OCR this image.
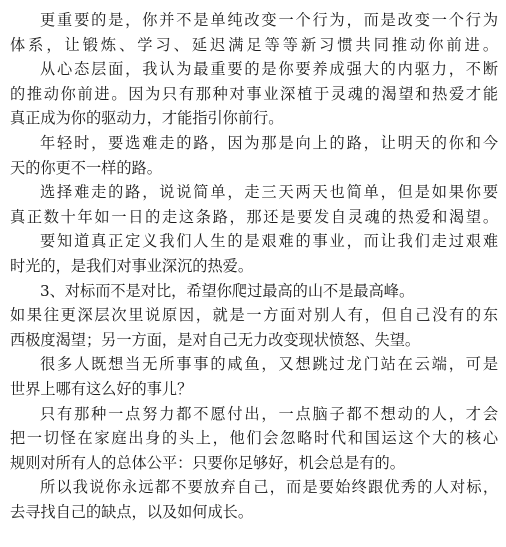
更重要的是，你并不是单纯改变一个行为，而是改变一个行为
体系，让锻炼、学习、延迟满足等等新习惯共同推动你前进。
从心态层面，我认为最重要的是你要养成强大的内驱力，不断
的推动你前进。因为只有那种对事业深植于灵魂的渴望和热爱才能
真正成为你的驱动力，才能指引你前行。
年轻时，要选难走的路，因为那是向上的路，让明天的你和今
天的你更不一样的路。
选择难走的路，说说简单，走三天两天也简单，但是如果你要
真正数十年如一日的走这条路，那还是要发自灵魂的热爱和渴望。
要知道真正定义我们人生的是艰难的事业，而让我们走过艰难
时光的，是我们对事业深沉的热爱。
3、对标而不是对比，希望你爬过最高的山不是最高峰。
如果往更深层次里说原因，就是一方面对别人有，但自己没有的东
西极度渴望；另一方面，是对自己无力改变现状愤怒、失望。
很多人既想当无所事事的咸鱼，又想跳过龙门站在云端，可是
世界上哪有这么好的事儿？
只有那种一点努力都不愿付出，一点脑子都不想动的人，才会
把一切怪在家庭出身的头上，他们会忽略时代和国运这个大的核心
规则对所有人的总体公平：只要你足够好，机会总是有的。
所以我说你永远都不要放弃自己，而是要始终跟优秀的人对标，
去寻找自己的缺点，以及如何成长。
